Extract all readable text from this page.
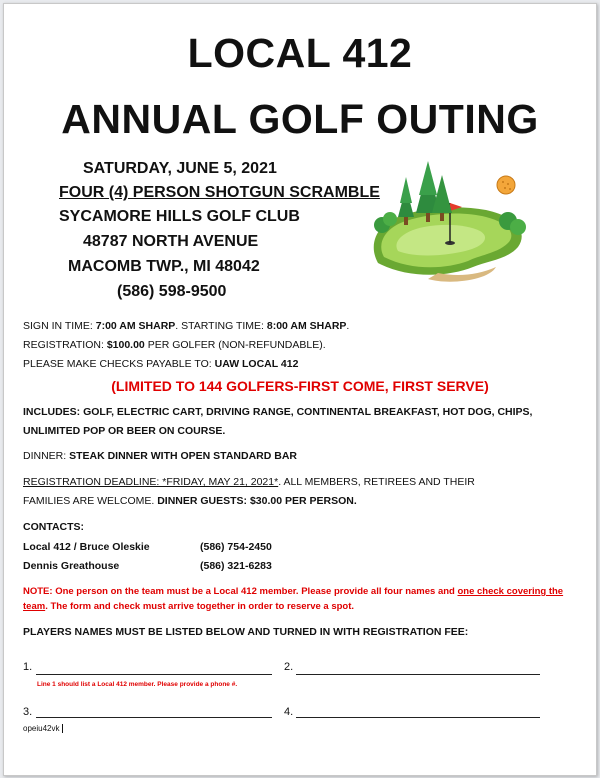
LOCAL 412
ANNUAL GOLF OUTING
SATURDAY, JUNE 5, 2021
FOUR (4) PERSON SHOTGUN SCRAMBLE
SYCAMORE HILLS GOLF CLUB
48787 NORTH AVENUE
MACOMB TWP., MI 48042
(586) 598-9500
SIGN IN TIME: 7:00 AM SHARP. STARTING TIME: 8:00 AM SHARP.
REGISTRATION: $100.00 PER GOLFER (NON-REFUNDABLE).
PLEASE MAKE CHECKS PAYABLE TO: UAW LOCAL 412
(LIMITED TO 144 GOLFERS-FIRST COME, FIRST SERVE)
INCLUDES: GOLF, ELECTRIC CART, DRIVING RANGE, CONTINENTAL BREAKFAST, HOT DOG, CHIPS,
UNLIMITED POP OR BEER ON COURSE.
DINNER: STEAK DINNER WITH OPEN STANDARD BAR
REGISTRATION DEADLINE: *FRIDAY, MAY 21, 2021*. ALL MEMBERS, RETIREES AND THEIR
FAMILIES ARE WELCOME. DINNER GUESTS: $30.00 PER PERSON.
CONTACTS:
Local 412 / Bruce Oleskie	(586) 754-2450
Dennis Greathouse	(586) 321-6283
NOTE: One person on the team must be a Local 412 member. Please provide all four names and one check covering the team. The form and check must arrive together in order to reserve a spot.
PLAYERS NAMES MUST BE LISTED BELOW AND TURNED IN WITH REGISTRATION FEE:
1.	2.
Line 1 should list a Local 412 member. Please provide a phone #.
3.	4.
opeiu42vk
